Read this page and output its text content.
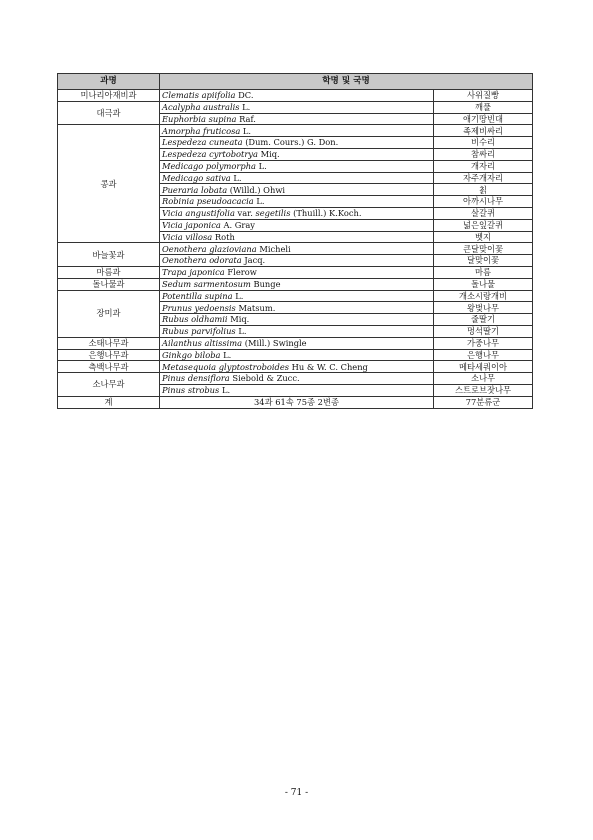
과명	학명 및 국명	
미나리아재비과	Clematis apiifolia DC.	사위질빵
대극과	Acalypha australis L.	깨풀
	Euphorbia supina Raf.	애기땅빈대
콩과	Amorpha fruticosa L.	족제비싸리
	Lespedeza cuneata (Dum. Cours.) G. Don.	비수리
	Lespedeza cyrtobotrya Miq.	참싸리
	Medicago polymorpha L.	개자리
	Medicago sativa L.	자주개자리
	Pueraria lobata (Willd.) Ohwi	칡
	Robinia pseudoacacia L.	아까시나무
	Vicia angustifolia var. segetilis (Thuill.) K.Koch.	살갈퀴
	Vicia japonica A. Gray	넓은잎갈퀴
	Vicia villosa Roth	벳지
바늘꽃과	Oenothera glazioviana Micheli	큰달맞이꽃
	Oenothera odorata Jacq.	달맞이꽃
마름과	Trapa japonica Flerow	마름
돌나물과	Sedum sarmentosum Bunge	돌나물
장미과	Potentilla supina L.	개소시랑개비
	Prunus yedoensis Matsum.	왕벚나무
	Rubus oldhamii Miq.	줄딸기
	Rubus parvifolius L.	멍석딸기
소태나무과	Ailanthus altissima (Mill.) Swingle	가중나무
은행나무과	Ginkgo biloba L.	은행나무
측백나무과	Metasequoia glyptostroboides Hu & W. C. Cheng	메타세쿼이아
소나무과	Pinus densiflora Siebold & Zucc.	소나무
	Pinus strobus L.	스트로브잣나무
계	34과 61속 75종 2변종	77분류군
- 71 -
